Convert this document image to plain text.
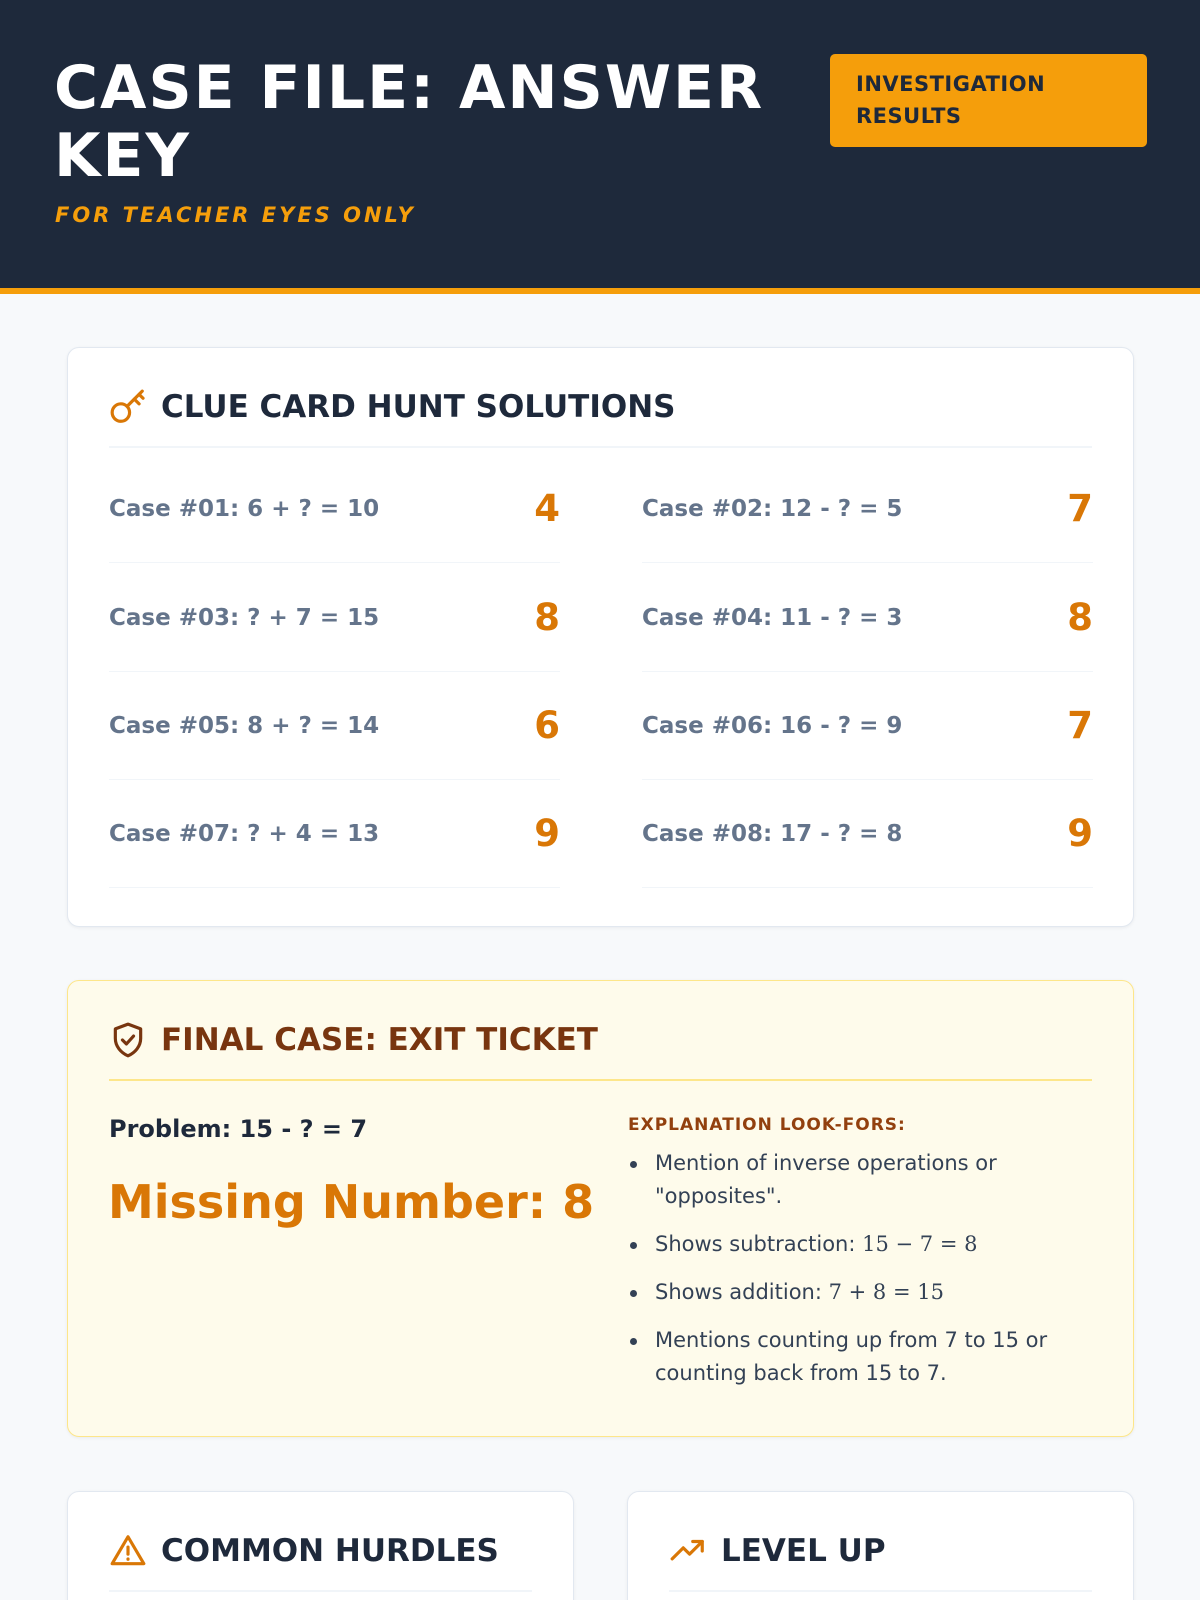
CASE FILE: ANSWER KEY
FOR TEACHER EYES ONLY
INVESTIGATION RESULTS
CLUE CARD HUNT SOLUTIONS
Case #01: 6 + ? = 10	4	Case #02: 12 - ? = 5	7
Case #03: ? + 7 = 15	8	Case #04: 11 - ? = 3	8
Case #05: 8 + ? = 14	6	Case #06: 16 - ? = 9	7
Case #07: ? + 4 = 13	9	Case #08: 17 - ? = 8	9
FINAL CASE: EXIT TICKET
Problem: 15 - ? = 7
Missing Number: 8
EXPLANATION LOOK-FORS:
Mention of inverse operations or "opposites".
Shows subtraction: 15 − 7 = 8
Shows addition: 7 + 8 = 15
Mentions counting up from 7 to 15 or counting back from 15 to 7.
COMMON HURDLES	LEVEL UP
